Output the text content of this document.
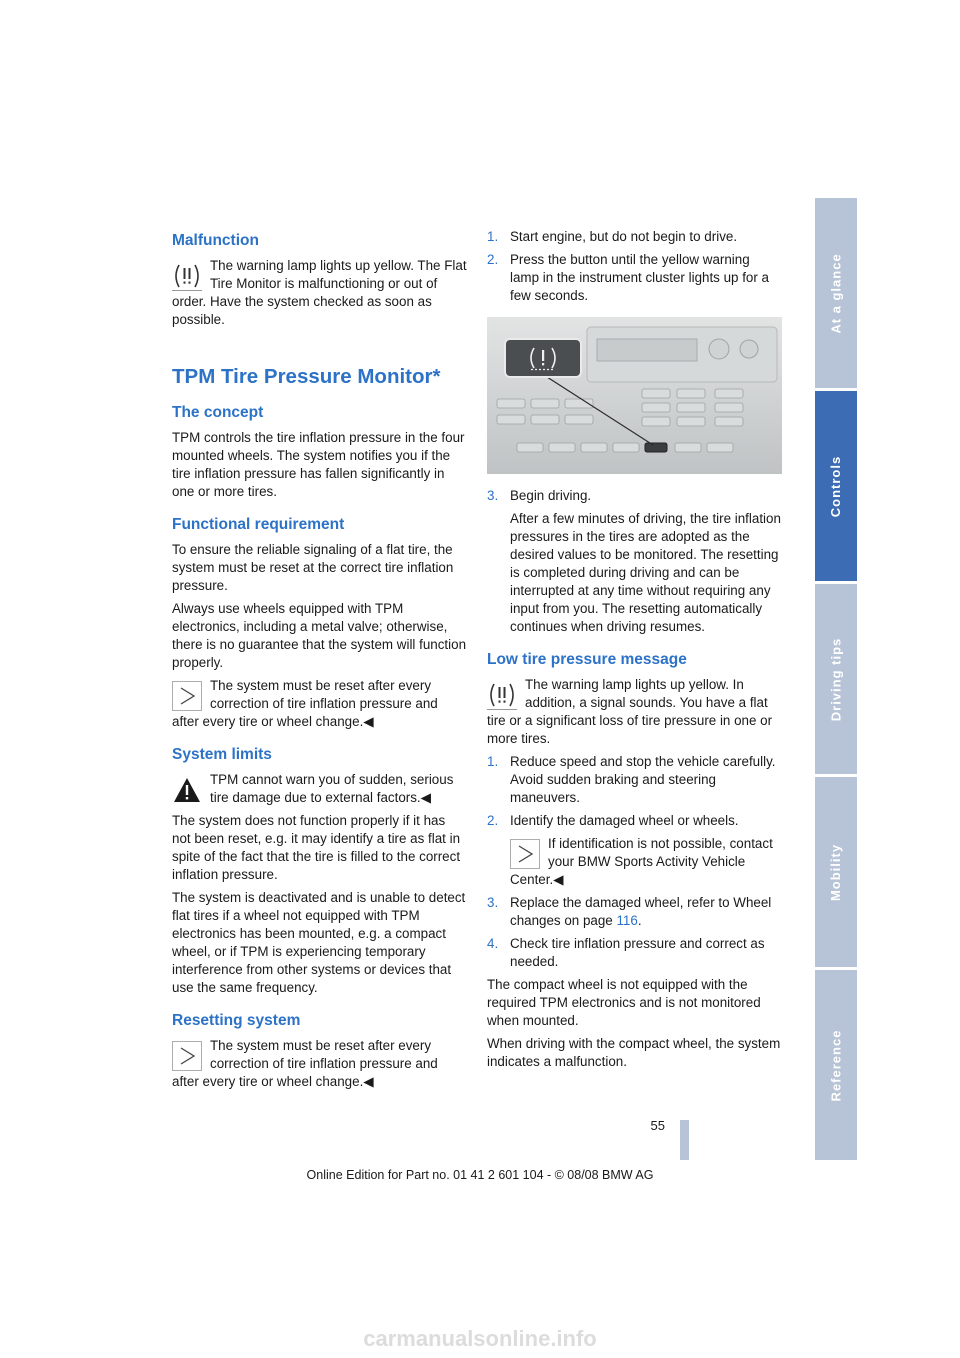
Malfunction
The warning lamp lights up yellow. The Flat Tire Monitor is malfunctioning or out of order. Have the system checked as soon as possible.
TPM Tire Pressure Monitor*
The concept

TPM controls the tire inflation pressure in the four mounted wheels. The system notifies you if the tire inflation pressure has fallen significantly in one or more tires.

Functional requirement

To ensure the reliable signaling of a flat tire, the system must be reset at the correct tire inflation pressure.

Always use wheels equipped with TPM electronics, including a metal valve; otherwise, there is no guarantee that the system will function properly.

The system must be reset after every correction of tire inflation pressure and after every tire or wheel change.◀
System limits
TPM cannot warn you of sudden, serious tire damage due to external factors.◀

The system does not function properly if it has not been reset, e.g. it may identify a tire as flat in spite of the fact that the tire is filled to the correct inflation pressure.

The system is deactivated and is unable to detect flat tires if a wheel not equipped with TPM electronics has been mounted, e.g. a compact wheel, or if TPM is experiencing temporary interference from other systems or devices that use the same frequency.

Resetting system
The system must be reset after every correction of tire inflation pressure and after every tire or wheel change.◀
1. Start engine, but do not begin to drive.
2. Press the button until the yellow warning lamp in the instrument cluster lights up for a few seconds.
3. Begin driving.
After a few minutes of driving, the tire inflation pressures in the tires are adopted as the desired values to be monitored. The resetting is completed during driving and can be interrupted at any time without requiring any input from you. The resetting automatically continues when driving resumes.
Low tire pressure message
The warning lamp lights up yellow. In addition, a signal sounds. You have a flat tire or a significant loss of tire pressure in one or more tires.
1. Reduce speed and stop the vehicle carefully. Avoid sudden braking and steering maneuvers.
2. Identify the damaged wheel or wheels.
If identification is not possible, contact your BMW Sports Activity Vehicle Center.◀
3. Replace the damaged wheel, refer to Wheel changes on page 116.
4. Check tire inflation pressure and correct as needed.

The compact wheel is not equipped with the required TPM electronics and is not monitored when mounted.

When driving with the compact wheel, the system indicates a malfunction.

At a glance
Controls
Driving tips
Mobility
Reference
55
Online Edition for Part no. 01 41 2 601 104 - © 08/08 BMW AG
carmanualsonline.info
